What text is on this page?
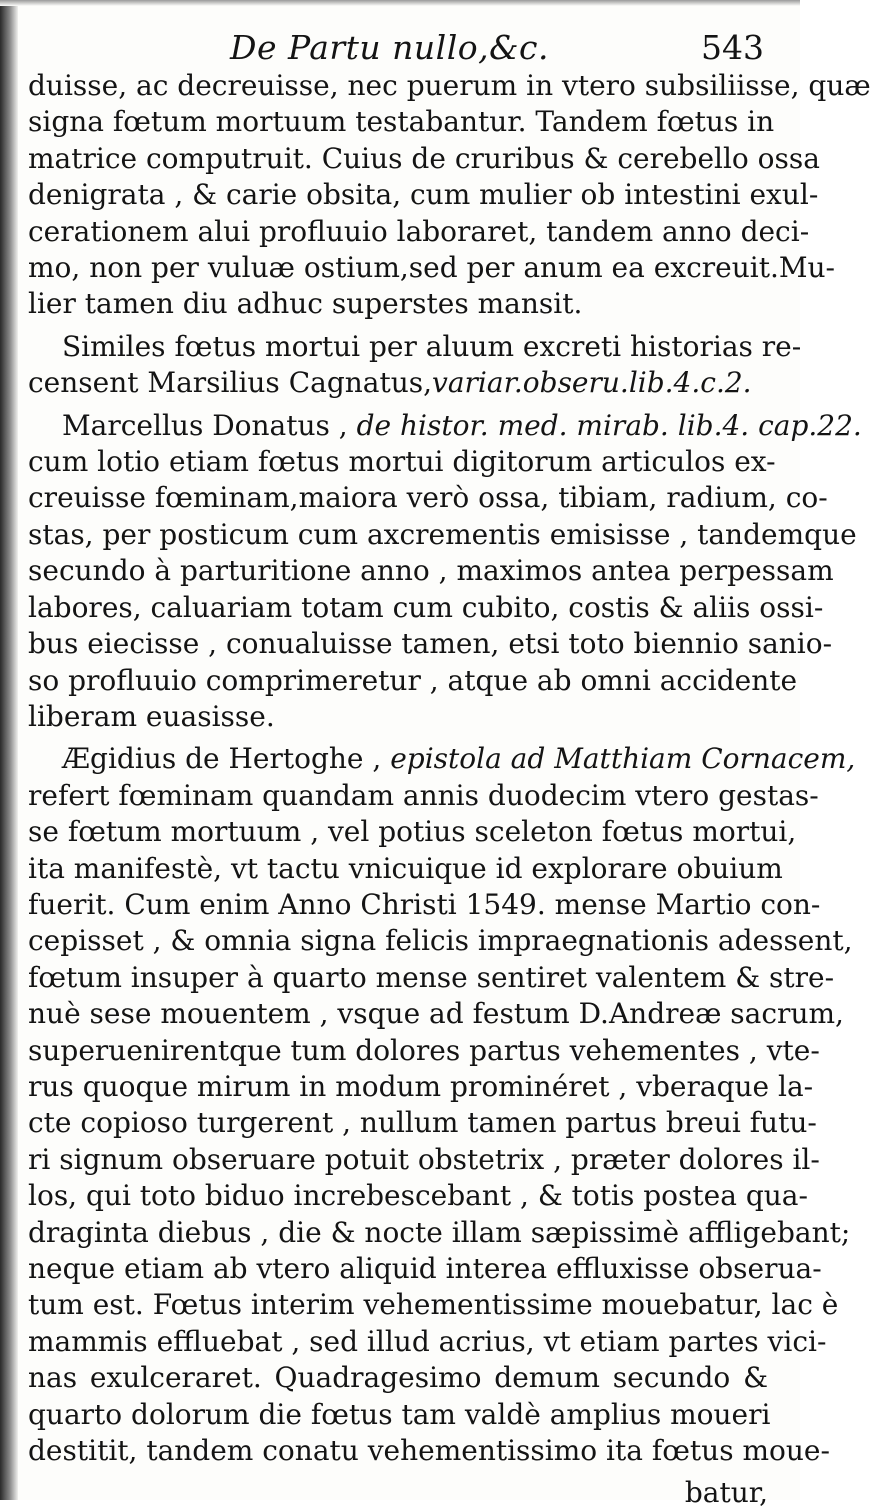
De Partu nullo,&c.	543
duisse, ac decreuisse, nec puerum in vtero subsiliisse, quæ
signa fœtum mortuum testabantur. Tandem fœtus in
matrice computruit. Cuius de cruribus & cerebello ossa
denigrata , & carie obsita, cum mulier ob intestini exul-
cerationem alui profluuio laboraret, tandem anno deci-
mo, non per vuluæ ostium,sed per anum ea excreuit.Mu-
lier tamen diu adhuc superstes mansit.
Similes fœtus mortui per aluum excreti historias re-
censent Marsilius Cagnatus,variar.obseru.lib.4.c.2.
Marcellus Donatus , de histor. med. mirab. lib.4. cap.22.
cum lotio etiam fœtus mortui digitorum articulos ex-
creuisse fœminam,maiora verò ossa, tibiam, radium, co-
stas, per posticum cum axcrementis emisisse , tandemque
secundo à parturitione anno , maximos antea perpessam
labores, caluariam totam cum cubito, costis & aliis ossi-
bus eiecisse , conualuisse tamen, etsi toto biennio sanio-
so profluuio comprimeretur , atque ab omni accidente
liberam euasisse.
Ægidius de Hertoghe , epistola ad Matthiam Cornacem,
refert fœminam quandam annis duodecim vtero gestas-
se fœtum mortuum , vel potius sceleton fœtus mortui,
ita manifestè, vt tactu vnicuique id explorare obuium
fuerit. Cum enim Anno Christi 1549. mense Martio con-
cepisset , & omnia signa felicis impraegnationis adessent,
fœtum insuper à quarto mense sentiret valentem & stre-
nuè sese mouentem , vsque ad festum D.Andreæ sacrum,
superuenirentque tum dolores partus vehementes , vte-
rus quoque mirum in modum prominéret , vberaque la-
cte copioso turgerent , nullum tamen partus breui futu-
ri signum obseruare potuit obstetrix , præter dolores il-
los, qui toto biduo increbescebant , & totis postea qua-
draginta diebus , die & nocte illam sæpissimè affligebant;
neque etiam ab vtero aliquid interea effluxisse obserua-
tum est. Fœtus interim vehementissime mouebatur, lac è
mammis effluebat , sed illud acrius, vt etiam partes vici-
nas exulceraret. Quadragesimo demum secundo &
quarto dolorum die fœtus tam valdè amplius moueri
destitit, tandem conatu vehementissimo ita fœtus moue-
batur,
